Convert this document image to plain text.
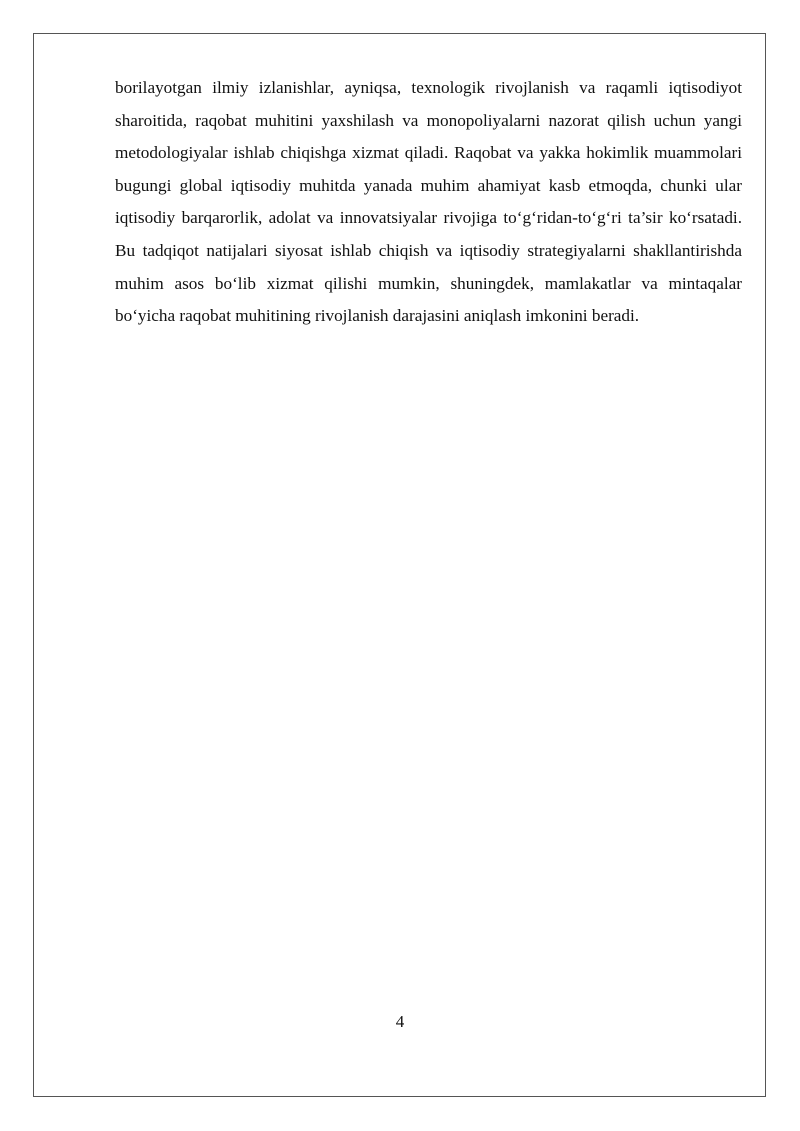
borilayotgan ilmiy izlanishlar, ayniqsa, texnologik rivojlanish va raqamli iqtisodiyot sharoitida, raqobat muhitini yaxshilash va monopoliyalarni nazorat qilish uchun yangi metodologiyalar ishlab chiqishga xizmat qiladi. Raqobat va yakka hokimlik muammolari bugungi global iqtisodiy muhitda yanada muhim ahamiyat kasb etmoqda, chunki ular iqtisodiy barqarorlik, adolat va innovatsiyalar rivojiga to‘g‘ridan-to‘g‘ri ta’sir ko‘rsatadi. Bu tadqiqot natijalari siyosat ishlab chiqish va iqtisodiy strategiyalarni shakllantirishda muhim asos bo‘lib xizmat qilishi mumkin, shuningdek, mamlakatlar va mintaqalar bo‘yicha raqobat muhitining rivojlanish darajasini aniqlash imkonini beradi.

4
